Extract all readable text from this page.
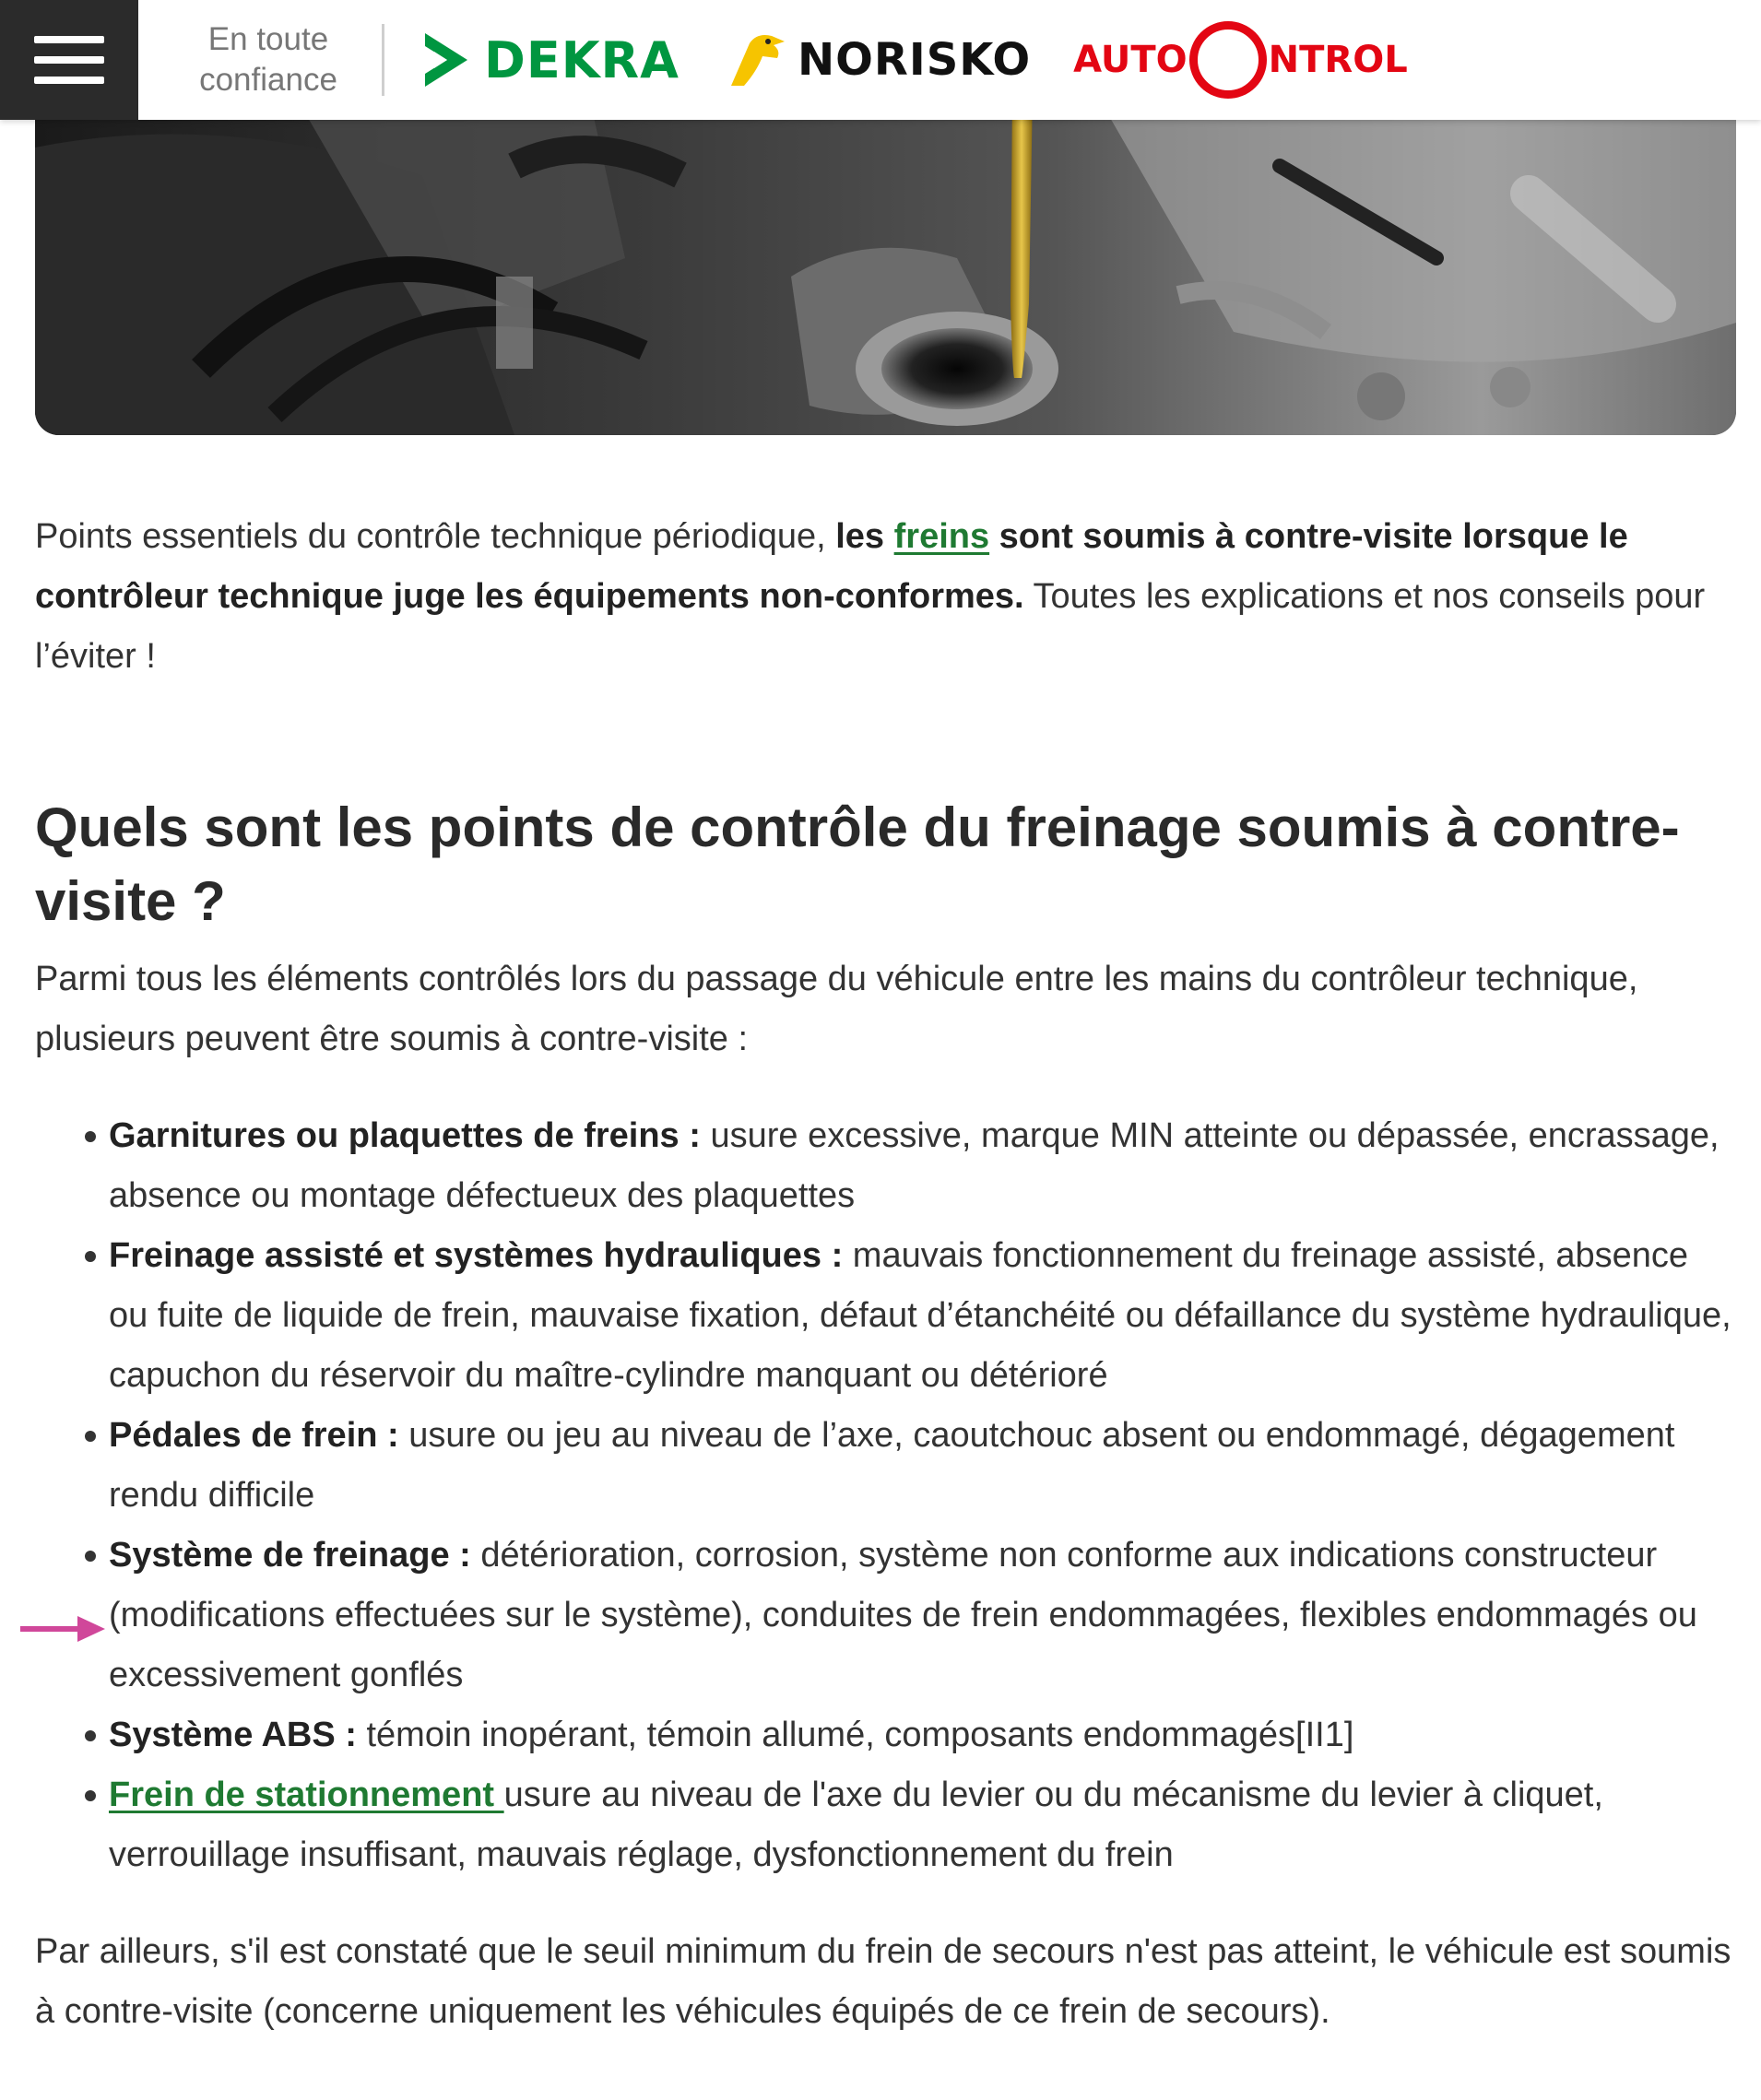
En toute
confiance	DEKRA	NORISKO AUTO NTROL

Points essentiels du contrôle technique périodique, les freins sont soumis à contre-visite lorsque le contrôleur technique juge les équipements non-conformes. Toutes les explications et nos conseils pour l’éviter !

Quels sont les points de contrôle du freinage soumis à contre-visite ?

Parmi tous les éléments contrôlés lors du passage du véhicule entre les mains du contrôleur technique, plusieurs peuvent être soumis à contre-visite :

Garnitures ou plaquettes de freins : usure excessive, marque MIN atteinte ou dépassée, encrassage, absence ou montage défectueux des plaquettes
Freinage assisté et systèmes hydrauliques : mauvais fonctionnement du freinage assisté, absence ou fuite de liquide de frein, mauvaise fixation, défaut d’étanchéité ou défaillance du système hydraulique, capuchon du réservoir du maître-cylindre manquant ou détérioré
Pédales de frein : usure ou jeu au niveau de l’axe, caoutchouc absent ou endommagé, dégagement rendu difficile
Système de freinage : détérioration, corrosion, système non conforme aux indications constructeur (modifications effectuées sur le système), conduites de frein endommagées, flexibles endommagés ou excessivement gonflés
Système ABS : témoin inopérant, témoin allumé, composants endommagés[II1]
Frein de stationnement usure au niveau de l'axe du levier ou du mécanisme du levier à cliquet, verrouillage insuffisant, mauvais réglage, dysfonctionnement du frein

Par ailleurs, s'il est constaté que le seuil minimum du frein de secours n'est pas atteint, le véhicule est soumis à contre-visite (concerne uniquement les véhicules équipés de ce frein de secours).
